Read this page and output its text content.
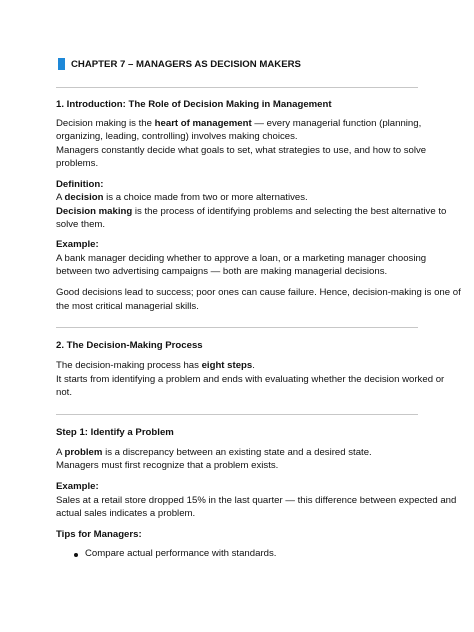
CHAPTER 7 – MANAGERS AS DECISION MAKERS
1. Introduction: The Role of Decision Making in Management
Decision making is the heart of management — every managerial function (planning,
organizing, leading, controlling) involves making choices.
Managers constantly decide what goals to set, what strategies to use, and how to solve
problems.
Definition:
A decision is a choice made from two or more alternatives.
Decision making is the process of identifying problems and selecting the best alternative to
solve them.
Example:
A bank manager deciding whether to approve a loan, or a marketing manager choosing
between two advertising campaigns — both are making managerial decisions.
Good decisions lead to success; poor ones can cause failure. Hence, decision-making is one of
the most critical managerial skills.
2. The Decision-Making Process
The decision-making process has eight steps.
It starts from identifying a problem and ends with evaluating whether the decision worked or
not.
Step 1: Identify a Problem
A problem is a discrepancy between an existing state and a desired state.
Managers must first recognize that a problem exists.
Example:
Sales at a retail store dropped 15% in the last quarter — this difference between expected and
actual sales indicates a problem.
Tips for Managers:
Compare actual performance with standards.
